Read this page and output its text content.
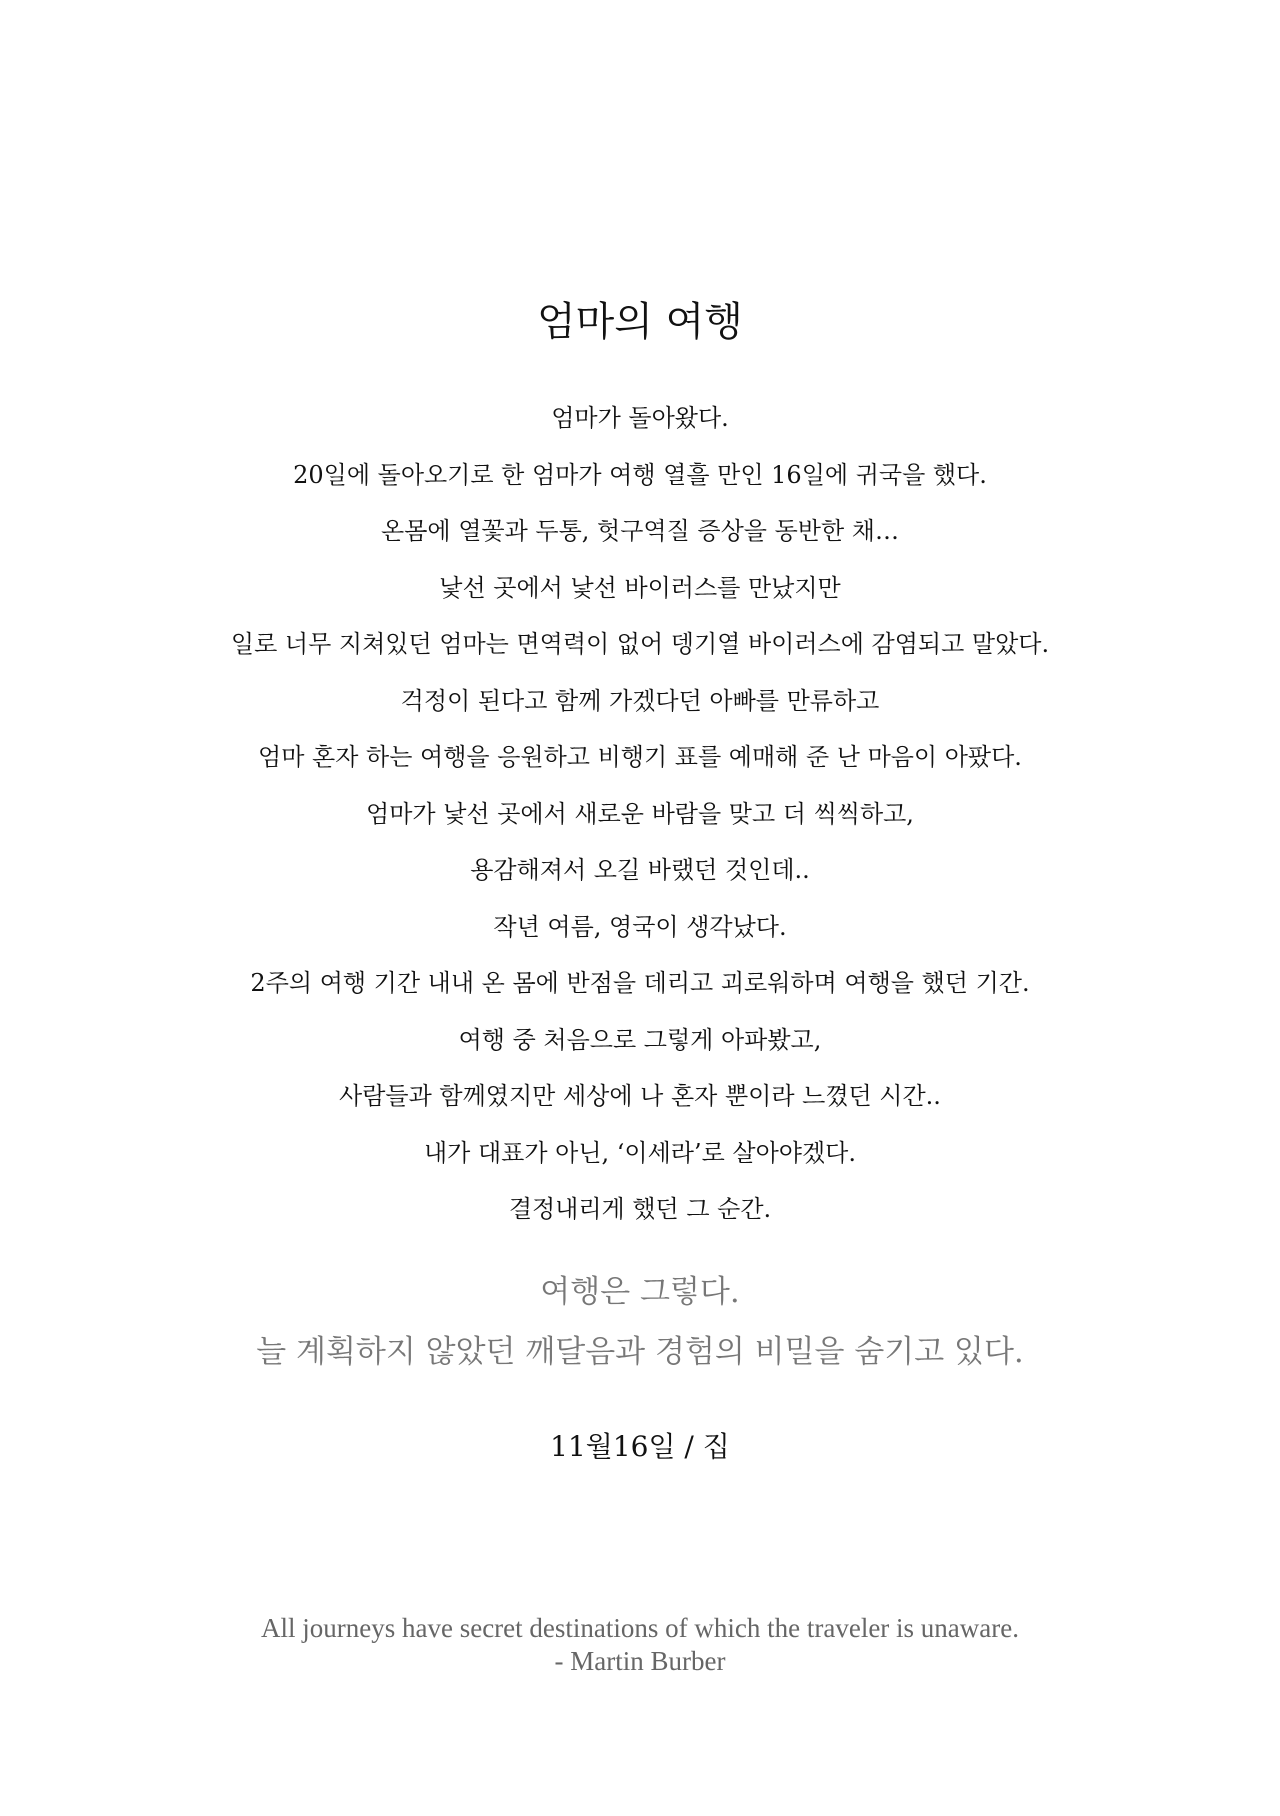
엄마의 여행
엄마가 돌아왔다.
20일에 돌아오기로 한 엄마가 여행 열흘 만인 16일에 귀국을 했다.
온몸에 열꽃과 두통, 헛구역질 증상을 동반한 채…
낯선 곳에서 낯선 바이러스를 만났지만
일로 너무 지쳐있던 엄마는 면역력이 없어 뎅기열 바이러스에 감염되고 말았다.
걱정이 된다고 함께 가겠다던 아빠를 만류하고
엄마 혼자 하는 여행을 응원하고 비행기 표를 예매해 준 난 마음이 아팠다.
엄마가 낯선 곳에서 새로운 바람을 맞고 더 씩씩하고,
용감해져서 오길 바랬던 것인데..
작년 여름, 영국이 생각났다.
2주의 여행 기간 내내 온 몸에 반점을 데리고 괴로워하며 여행을 했던 기간.
여행 중 처음으로 그렇게 아파봤고,
사람들과 함께였지만 세상에 나 혼자 뿐이라 느꼈던 시간..
내가 대표가 아닌, ‘이세라’로 살아야겠다.
결정내리게 했던 그 순간.
여행은 그렇다.
늘 계획하지 않았던 깨달음과 경험의 비밀을 숨기고 있다.
11월16일 / 집
All journeys have secret destinations of which the traveler is unaware.
- Martin Burber
